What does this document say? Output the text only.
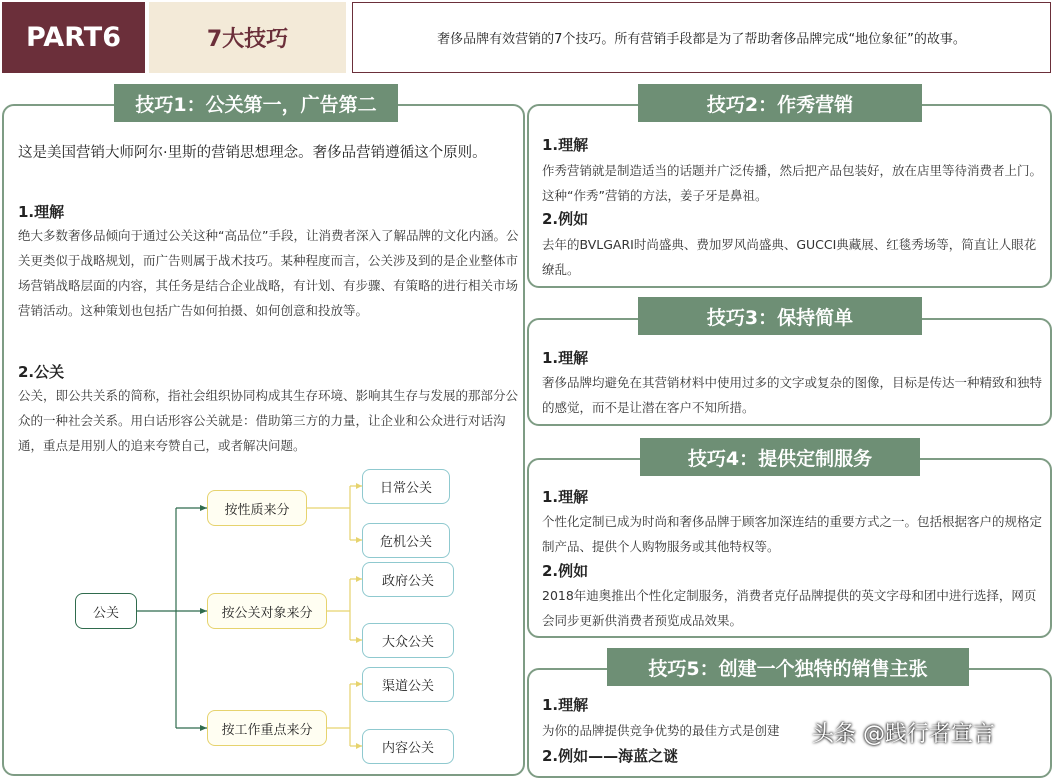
PART6	7大技巧	奢侈品牌有效营销的7个技巧。所有营销手段都是为了帮助奢侈品牌完成“地位象征”的故事。
技巧1：公关第一，广告第二
这是美国营销大师阿尔·里斯的营销思想理念。奢侈品营销遵循这个原则。
1.理解
绝大多数奢侈品倾向于通过公关这种“高品位”手段，让消费者深入了解品牌的文化内涵。公关更类似于战略规划，而广告则属于战术技巧。某种程度而言，公关涉及到的是企业整体市场营销战略层面的内容，其任务是结合企业战略，有计划、有步骤、有策略的进行相关市场营销活动。这种策划也包括广告如何拍摄、如何创意和投放等。
2.公关
公关，即公共关系的简称，指社会组织协同构成其生存环境、影响其生存与发展的那部分公众的一种社会关系。用白话形容公关就是：借助第三方的力量，让企业和公众进行对话沟通，重点是用别人的追来夸赞自己，或者解决问题。
公关
按性质来分
按公关对象来分
按工作重点来分
日常公关
危机公关
政府公关
大众公关
渠道公关
内容公关
技巧2：作秀营销
1.理解
作秀营销就是制造适当的话题并广泛传播，然后把产品包装好，放在店里等待消费者上门。这种“作秀”营销的方法，姜子牙是鼻祖。
2.例如
去年的BVLGARI时尚盛典、费加罗风尚盛典、GUCCI典藏展、红毯秀场等，简直让人眼花缭乱。
技巧3：保持简单
1.理解
奢侈品牌均避免在其营销材料中使用过多的文字或复杂的图像，目标是传达一种精致和独特的感觉，而不是让潜在客户不知所措。
技巧4：提供定制服务
1.理解
个性化定制已成为时尚和奢侈品牌于顾客加深连结的重要方式之一。包括根据客户的规格定制产品、提供个人购物服务或其他特权等。
2.例如
2018年迪奥推出个性化定制服务，消费者克仔品牌提供的英文字母和团中进行选择，网页会同步更新供消费者预览成品效果。
技巧5：创建一个独特的销售主张
1.理解
为你的品牌提供竞争优势的最佳方式是创建
2.例如——海蓝之谜
头条 @践行者宣言
